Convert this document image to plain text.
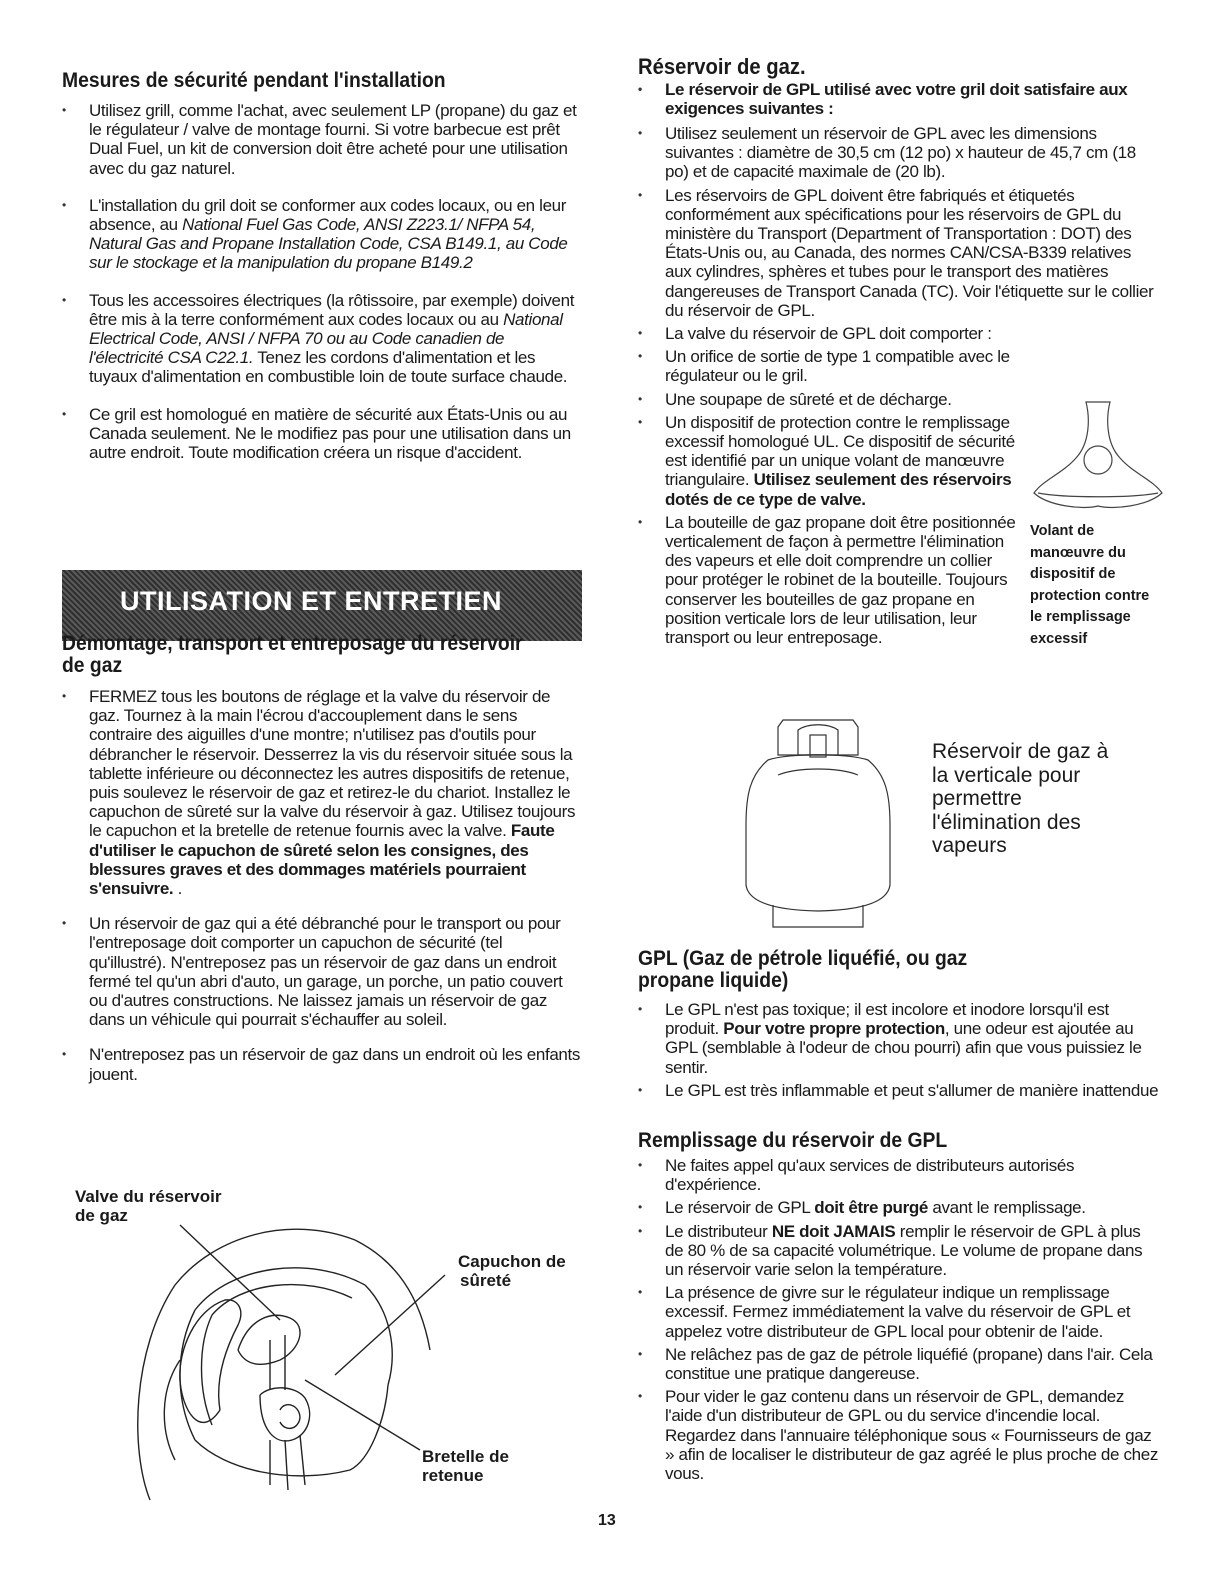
Mesures de sécurité pendant l'installation
• Utilisez grill, comme l'achat, avec seulement LP (propane) du gaz et le régulateur / valve de montage fourni. Si votre barbecue est prêt Dual Fuel, un kit de conversion doit être acheté pour une utilisation avec du gaz naturel.
• L'installation du gril doit se conformer aux codes locaux, ou en leur absence, au National Fuel Gas Code, ANSI Z223.1/ NFPA 54, Natural Gas and Propane Installation Code, CSA B149.1, au Code sur le stockage et la manipulation du propane B149.2
• Tous les accessoires électriques (la rôtissoire, par exemple) doivent être mis à la terre conformément aux codes locaux ou au National Electrical Code, ANSI / NFPA 70 ou au Code canadien de l'électricité CSA C22.1. Tenez les cordons d'alimentation et les tuyaux d'alimentation en combustible loin de toute surface chaude.
• Ce gril est homologué en matière de sécurité aux États-Unis ou au Canada seulement. Ne le modifiez pas pour une utilisation dans un autre endroit. Toute modification créera un risque d'accident.
UTILISATION ET ENTRETIEN
Démontage, transport et entreposage du réservoir
de gaz
• FERMEZ tous les boutons de réglage et la valve du réservoir de gaz. Tournez à la main l'écrou d'accouplement dans le sens contraire des aiguilles d'une montre; n'utilisez pas d'outils pour débrancher le réservoir. Desserrez la vis du réservoir située sous la tablette inférieure ou déconnectez les autres dispositifs de retenue, puis soulevez le réservoir de gaz et retirez-le du chariot. Installez le capuchon de sûreté sur la valve du réservoir à gaz. Utilisez toujours le capuchon et la bretelle de retenue fournis avec la valve. Faute d'utiliser le capuchon de sûreté selon les consignes, des blessures graves et des dommages matériels pourraient s'ensuivre. .
• Un réservoir de gaz qui a été débranché pour le transport ou pour l'entreposage doit comporter un capuchon de sécurité (tel qu'illustré). N'entreposez pas un réservoir de gaz dans un endroit fermé tel qu'un abri d'auto, un garage, un porche, un patio couvert ou d'autres constructions. Ne laissez jamais un réservoir de gaz dans un véhicule qui pourrait s'échauffer au soleil.
• N'entreposez pas un réservoir de gaz dans un endroit où les enfants jouent.
Valve du réservoir
de gaz
Capuchon de
sûreté
Bretelle de
retenue
Réservoir de gaz.
• Le réservoir de GPL utilisé avec votre gril doit satisfaire aux exigences suivantes :
• Utilisez seulement un réservoir de GPL avec les dimensions suivantes : diamètre de 30,5 cm (12 po) x hauteur de 45,7 cm (18 po) et de capacité maximale de (20 lb).
• Les réservoirs de GPL doivent être fabriqués et étiquetés conformément aux spécifications pour les réservoirs de GPL du ministère du Transport (Department of Transportation : DOT) des États-Unis ou, au Canada, des normes CAN/CSA-B339 relatives aux cylindres, sphères et tubes pour le transport des matières dangereuses de Transport Canada (TC). Voir l'étiquette sur le collier du réservoir de GPL.
• La valve du réservoir de GPL doit comporter :
• Un orifice de sortie de type 1 compatible avec le régulateur ou le gril.
• Une soupape de sûreté et de décharge.
• Un dispositif de protection contre le remplissage excessif homologué UL. Ce dispositif de sécurité est identifié par un unique volant de manœuvre triangulaire. Utilisez seulement des réservoirs dotés de ce type de valve.
• La bouteille de gaz propane doit être positionnée verticalement de façon à permettre l'élimination des vapeurs et elle doit comprendre un collier pour protéger le robinet de la bouteille. Toujours conserver les bouteilles de gaz propane en position verticale lors de leur utilisation, leur transport ou leur entreposage.
GPL (Gaz de pétrole liquéfié, ou gaz
propane liquide)
• Le GPL n'est pas toxique; il est incolore et inodore lorsqu'il est produit. Pour votre propre protection, une odeur est ajoutée au GPL (semblable à l'odeur de chou pourri) afin que vous puissiez le sentir.
• Le GPL est très inflammable et peut s'allumer de manière inattendue
Remplissage du réservoir de GPL
• Ne faites appel qu'aux services de distributeurs autorisés d'expérience.
• Le réservoir de GPL doit être purgé avant le remplissage.
• Le distributeur NE doit JAMAIS remplir le réservoir de GPL à plus de 80 % de sa capacité volumétrique. Le volume de propane dans un réservoir varie selon la température.
• La présence de givre sur le régulateur indique un remplissage excessif. Fermez immédiatement la valve du réservoir de GPL et appelez votre distributeur de GPL local pour obtenir de l'aide.
• Ne relâchez pas de gaz de pétrole liquéfié (propane) dans l'air. Cela constitue une pratique dangereuse.
• Pour vider le gaz contenu dans un réservoir de GPL, demandez l'aide d'un distributeur de GPL ou du service d'incendie local. Regardez dans l'annuaire téléphonique sous « Fournisseurs de gaz » afin de localiser le distributeur de gaz agréé le plus proche de chez vous.
Volant de
manœuvre du
dispositif de
protection contre
le remplissage
excessif
Réservoir de gaz à
la verticale pour
permettre
l'élimination des
vapeurs
13
